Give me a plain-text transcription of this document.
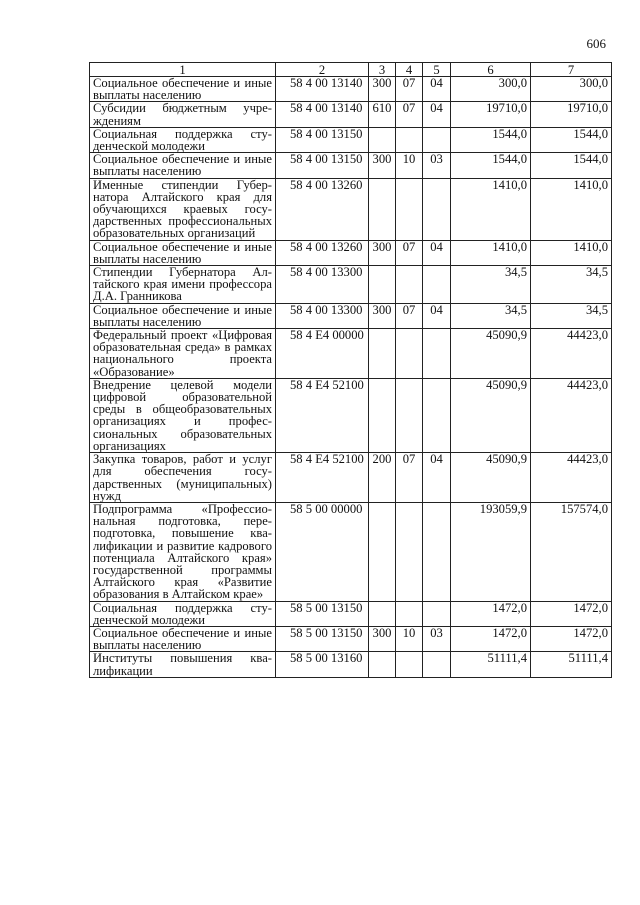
606
1	2	3	4	5	6	7
Социальное обеспечение и иные выплаты населению	58 4 00 13140	300	07	04	300,0	300,0
Субсидии бюджетным учреждениям	58 4 00 13140	610	07	04	19710,0	19710,0
Социальная поддержка студенческой молодежи	58 4 00 13150				1544,0	1544,0
Социальное обеспечение и иные выплаты населению	58 4 00 13150	300	10	03	1544,0	1544,0
Именные стипендии Губернатора Алтайского края для обучающихся краевых государственных профессиональных образовательных организаций	58 4 00 13260				1410,0	1410,0
Социальное обеспечение и иные выплаты населению	58 4 00 13260	300	07	04	1410,0	1410,0
Стипендии Губернатора Алтайского края имени профессора Д.А. Гранникова	58 4 00 13300				34,5	34,5
Социальное обеспечение и иные выплаты населению	58 4 00 13300	300	07	04	34,5	34,5
Федеральный проект «Цифровая образовательная среда» в рамках национального проекта «Образование»	58 4 E4 00000				45090,9	44423,0
Внедрение целевой модели цифровой образовательной среды в общеобразовательных организациях и профессиональных образовательных организациях	58 4 E4 52100				45090,9	44423,0
Закупка товаров, работ и услуг для обеспечения государственных (муниципальных) нужд	58 4 E4 52100	200	07	04	45090,9	44423,0
Подпрограмма «Профессиональная подготовка, переподготовка, повышение квалификации и развитие кадрового потенциала Алтайского края» государственной программы Алтайского края «Развитие образования в Алтайском крае»	58 5 00 00000				193059,9	157574,0
Социальная поддержка студенческой молодежи	58 5 00 13150				1472,0	1472,0
Социальное обеспечение и иные выплаты населению	58 5 00 13150	300	10	03	1472,0	1472,0
Институты повышения квалификации	58 5 00 13160				51111,4	51111,4
